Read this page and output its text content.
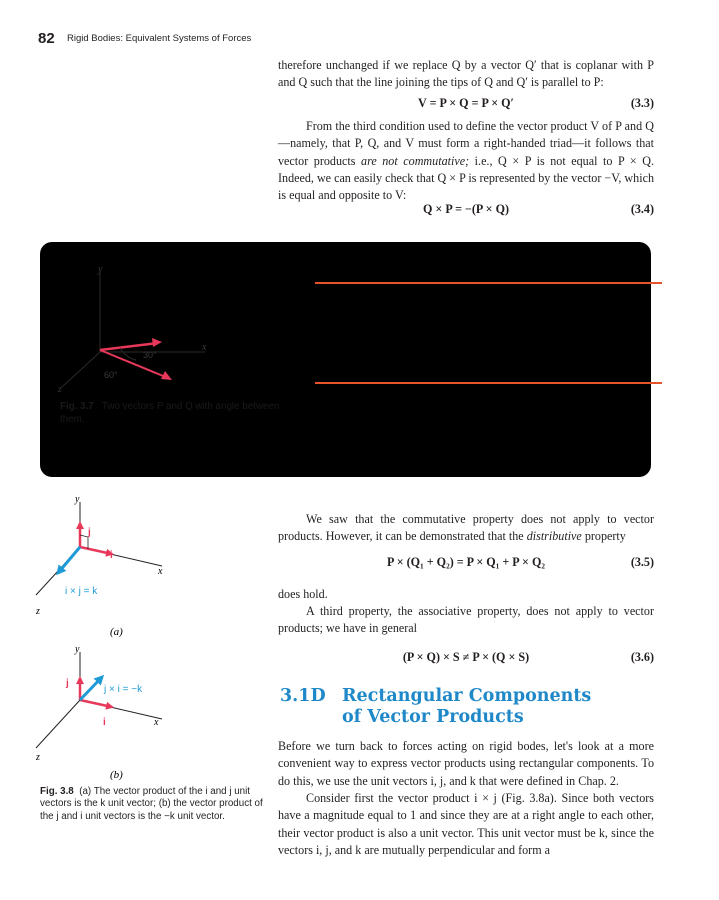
82 Rigid Bodies: Equivalent Systems of Forces
therefore unchanged if we replace Q by a vector Q′ that is coplanar with P and Q such that the line joining the tips of Q and Q′ is parallel to P:
V = P × Q = P × Q′	(3.3)
From the third condition used to define the vector product V of P and Q—namely, that P, Q, and V must form a right-handed triad—it follows that vector products are not commutative; i.e., Q × P is not equal to P × Q. Indeed, we can easily check that Q × P is represented by the vector −V, which is equal and opposite to V:
Q × P = −(P × Q)	(3.4)
y
x
z
30°
60°
Fig. 3.7 Two vectors P and Q with angle between them.
y
x
z
j
i
i × j = k
(a)
y
x
z
j
i
j × i = −k
(b)
Fig. 3.8 (a) The vector product of the i and j unit vectors is the k unit vector; (b) the vector product of the j and i unit vectors is the −k unit vector.
We saw that the commutative property does not apply to vector products. However, it can be demonstrated that the distributive property
P × (Q₁ + Q₂) = P × Q₁ + P × Q₂	(3.5)
does hold.
A third property, the associative property, does not apply to vector products; we have in general
(P × Q) × S ≠ P × (Q × S)	(3.6)
3.1D Rectangular Components
of Vector Products
Before we turn back to forces acting on rigid bodes, let's look at a more convenient way to express vector products using rectangular components. To do this, we use the unit vectors i, j, and k that were defined in Chap. 2.
Consider first the vector product i × j (Fig. 3.8a). Since both vectors have a magnitude equal to 1 and since they are at a right angle to each other, their vector product is also a unit vector. This unit vector must be k, since the vectors i, j, and k are mutually perpendicular and form a
